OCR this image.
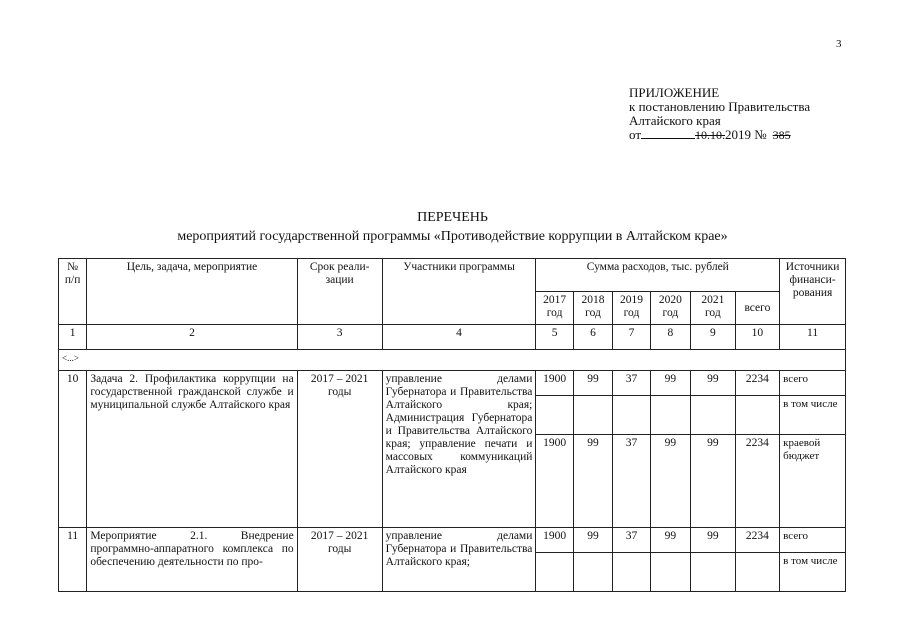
3
ПРИЛОЖЕНИЕ
к постановлению Правительства
Алтайского края
от	10.10.2019 № 385
ПЕРЕЧЕНЬ
мероприятий государственной программы «Противодействие коррупции в Алтайском крае»
№ п/п	Цель, задача, мероприятие	Срок реали-зации	Участники программы	Сумма расходов, тыс. рублей						Источники финанси-рования
				2017 год	2018 год	2019 год	2020 год	2021 год	всего	
1	2	3	4	5	6	7	8	9	10	11
<...>										
10	Задача 2. Профилактика коррупции на государственной гражданской службе и муниципальной службе Алтайского края	2017 – 2021 годы	управление делами Губернатора и Правительства Алтайского края; Администрация Губернатора и Правительства Алтайского края; управление печати и массовых коммуникаций Алтайского края	1900	99	37	99	99	2234	всего
										в том числе
				1900	99	37	99	99	2234	краевой бюджет
11	Мероприятие 2.1. Внедрение программно-аппаратного комплекса по обеспечению деятельности по про-	2017 – 2021 годы	управление делами Губернатора и Правительства Алтайского края;	1900	99	37	99	99	2234	всего
										в том числе
